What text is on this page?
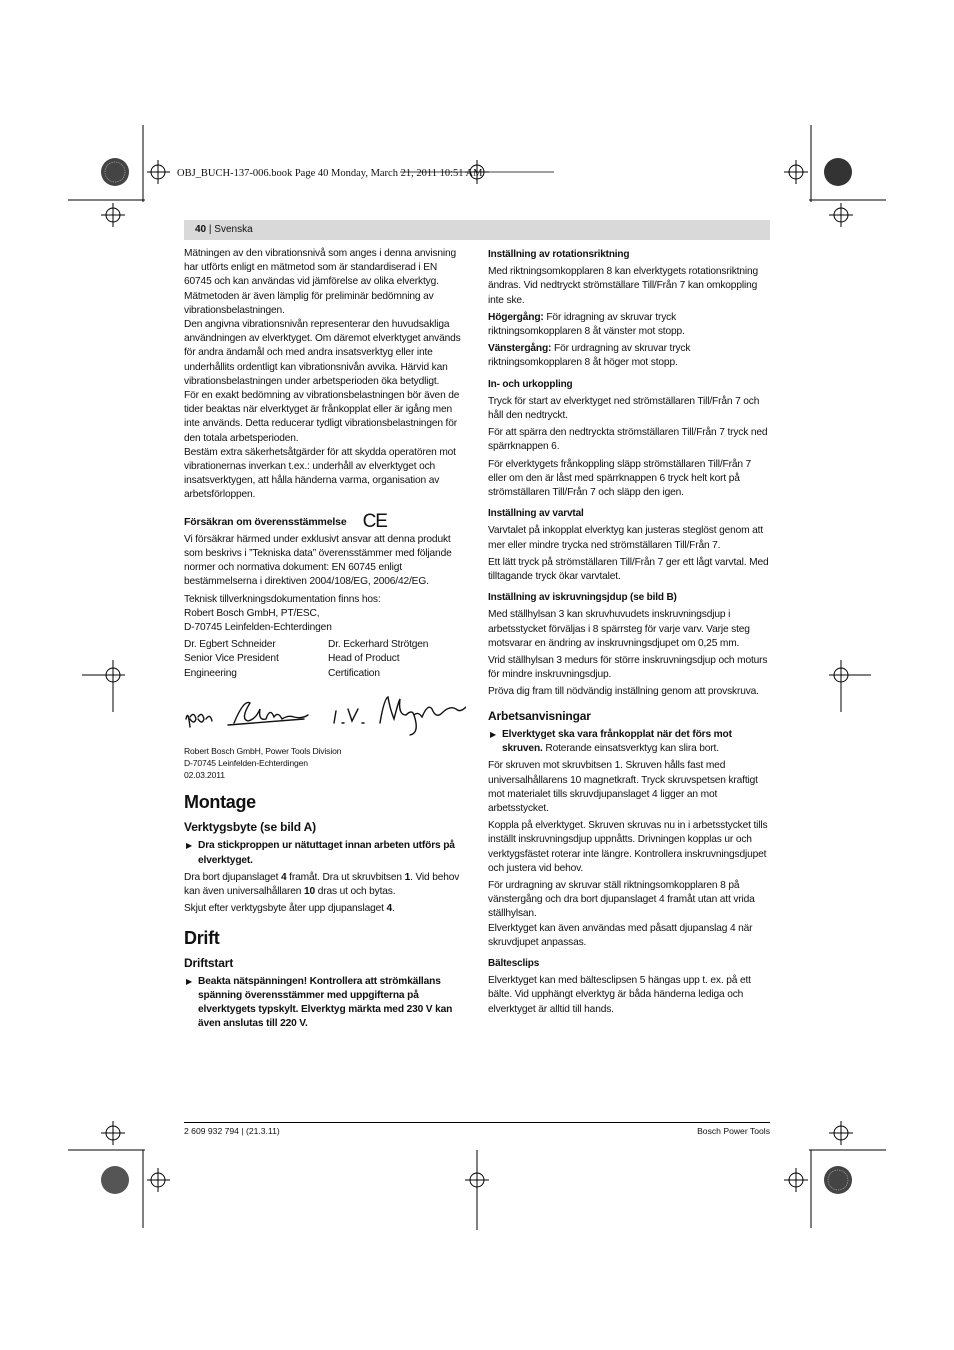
OBJ_BUCH-137-006.book Page 40 Monday, March 21, 2011 10:51 AM
40 | Svenska

Mätningen av den vibrationsnivå som anges i denna anvisning har utförts enligt en mätmetod som är standardiserad i EN 60745 och kan användas vid jämförelse av olika elverktyg. Mätmetoden är även lämplig för preliminär bedömning av vibrationsbelastningen.

Den angivna vibrationsnivån representerar den huvudsakliga användningen av elverktyget. Om däremot elverktyget används för andra ändamål och med andra insatsverktyg eller inte underhållits ordentligt kan vibrationsnivån avvika. Härvid kan vibrationsbelastningen under arbetsperioden öka betydligt.

För en exakt bedömning av vibrationsbelastningen bör även de tider beaktas när elverktyget är frånkopplat eller är igång men inte används. Detta reducerar tydligt vibrationsbelastningen för den totala arbetsperioden.

Bestäm extra säkerhetsåtgärder för att skydda operatören mot vibrationernas inverkan t.ex.: underhåll av elverktyget och insatsverktygen, att hålla händerna varma, organisation av arbetsförloppen.

Försäkran om överensstämmelse CE

Vi försäkrar härmed under exklusivt ansvar att denna produkt som beskrivs i ”Tekniska data” överensstämmer med följande normer och normativa dokument: EN 60745 enligt bestämmelserna i direktiven 2004/108/EG, 2006/42/EG.

Teknisk tillverkningsdokumentation finns hos:

Robert Bosch GmbH, PT/ESC,

D-70745 Leinfelden-Echterdingen

Dr. Egbert Schneider
Senior Vice President
Engineering
Dr. Eckerhard Strötgen
Head of Product
Certification
Robert Bosch GmbH, Power Tools Division
D-70745 Leinfelden-Echterdingen
02.03.2011
Montage
Verktygsbyte (se bild A)
▶ Dra stickproppen ur nätuttaget innan arbeten utförs på elverktyget.

Dra bort djupanslaget 4 framåt. Dra ut skruvbitsen 1. Vid behov kan även universalhållaren 10 dras ut och bytas.

Skjut efter verktygsbyte åter upp djupanslaget 4.

Drift
Driftstart
▶ Beakta nätspänningen! Kontrollera att strömkällans spänning överensstämmer med uppgifterna på elverktygets typskylt. Elverktyg märkta med 230 V kan även anslutas till 220 V.
Inställning av rotationsriktning

Med riktningsomkopplaren 8 kan elverktygets rotationsriktning ändras. Vid nedtryckt strömställare Till/Från 7 kan omkoppling inte ske.

Högergång: För idragning av skruvar tryck riktningsomkopplaren 8 åt vänster mot stopp.

Vänstergång: För urdragning av skruvar tryck riktningsomkopplaren 8 åt höger mot stopp.

In- och urkoppling

Tryck för start av elverktyget ned strömställaren Till/Från 7 och håll den nedtryckt.

För att spärra den nedtryckta strömställaren Till/Från 7 tryck ned spärrknappen 6.

För elverktygets frånkoppling släpp strömställaren Till/Från 7 eller om den är låst med spärrknappen 6 tryck helt kort på strömställaren Till/Från 7 och släpp den igen.

Inställning av varvtal

Varvtalet på inkopplat elverktyg kan justeras steglöst genom att mer eller mindre trycka ned strömställaren Till/Från 7.

Ett lätt tryck på strömställaren Till/Från 7 ger ett lågt varvtal. Med tilltagande tryck ökar varvtalet.

Inställning av iskruvningsjdup (se bild B)

Med ställhylsan 3 kan skruvhuvudets inskruvningsdjup i arbetsstycket förväljas i 8 spärrsteg för varje varv. Varje steg motsvarar en ändring av inskruvningsdjupet om 0,25 mm.

Vrid ställhylsan 3 medurs för större inskruvningsdjup och moturs för mindre inskruvningsdjup.

Pröva dig fram till nödvändig inställning genom att provskruva.

Arbetsanvisningar
▶ Elverktyget ska vara frånkopplat när det förs mot skruven. Roterande einsatsverktyg kan slira bort.

För skruven mot skruvbitsen 1. Skruven hålls fast med universalhållarens 10 magnetkraft. Tryck skruvspetsen kraftigt mot materialet tills skruvdjupanslaget 4 ligger an mot arbetsstycket.

Koppla på elverktyget. Skruven skruvas nu in i arbetsstycket tills inställt inskruvningsdjup uppnåtts. Drivningen kopplas ur och verktygsfästet roterar inte längre. Kontrollera inskruvningsdjupet och justera vid behov.

För urdragning av skruvar ställ riktningsomkopplaren 8 på vänstergång och dra bort djupanslaget 4 framåt utan att vrida ställhylsan.

Elverktyget kan även användas med påsatt djupanslag 4 när skruvdjupet anpassas.

Bältesclips

Elverktyget kan med bältesclipsen 5 hängas upp t. ex. på ett bälte. Vid upphängt elverktyg är båda händerna lediga och elverktyget är alltid till hands.

2 609 932 794 | (21.3.11)	Bosch Power Tools
